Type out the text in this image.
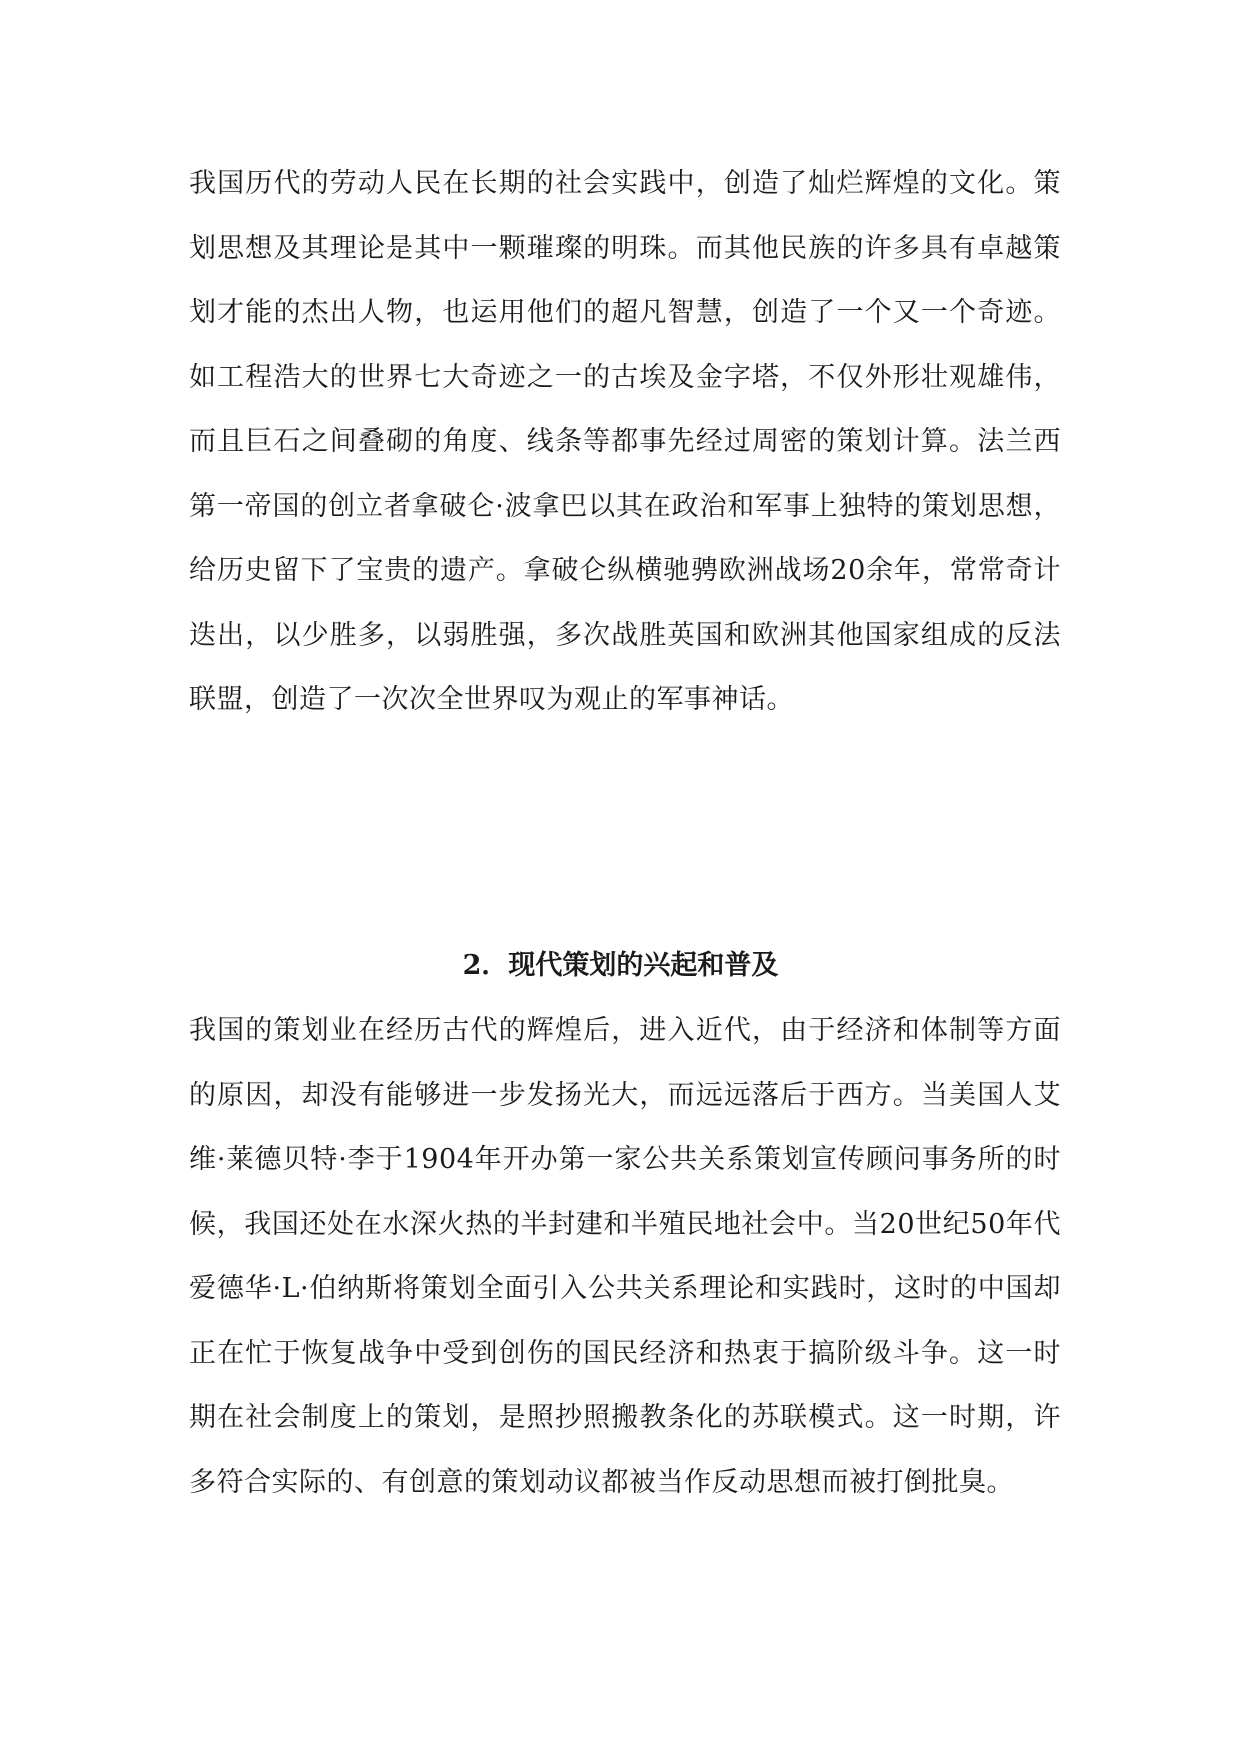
我国历代的劳动人民在长期的社会实践中，创造了灿烂辉煌的文化。策划思想及其理论是其中一颗璀璨的明珠。而其他民族的许多具有卓越策划才能的杰出人物，也运用他们的超凡智慧，创造了一个又一个奇迹。如工程浩大的世界七大奇迹之一的古埃及金字塔，不仅外形壮观雄伟，而且巨石之间叠砌的角度、线条等都事先经过周密的策划计算。法兰西第一帝国的创立者拿破仑·波拿巴以其在政治和军事上独特的策划思想，给历史留下了宝贵的遗产。拿破仑纵横驰骋欧洲战场20余年，常常奇计迭出，以少胜多，以弱胜强，多次战胜英国和欧洲其他国家组成的反法联盟，创造了一次次全世界叹为观止的军事神话。

2．现代策划的兴起和普及

我国的策划业在经历古代的辉煌后，进入近代，由于经济和体制等方面的原因，却没有能够进一步发扬光大，而远远落后于西方。当美国人艾维·莱德贝特·李于1904年开办第一家公共关系策划宣传顾问事务所的时候，我国还处在水深火热的半封建和半殖民地社会中。当20世纪50年代爱德华·L·伯纳斯将策划全面引入公共关系理论和实践时，这时的中国却正在忙于恢复战争中受到创伤的国民经济和热衷于搞阶级斗争。这一时期在社会制度上的策划，是照抄照搬教条化的苏联模式。这一时期，许多符合实际的、有创意的策划动议都被当作反动思想而被打倒批臭。
